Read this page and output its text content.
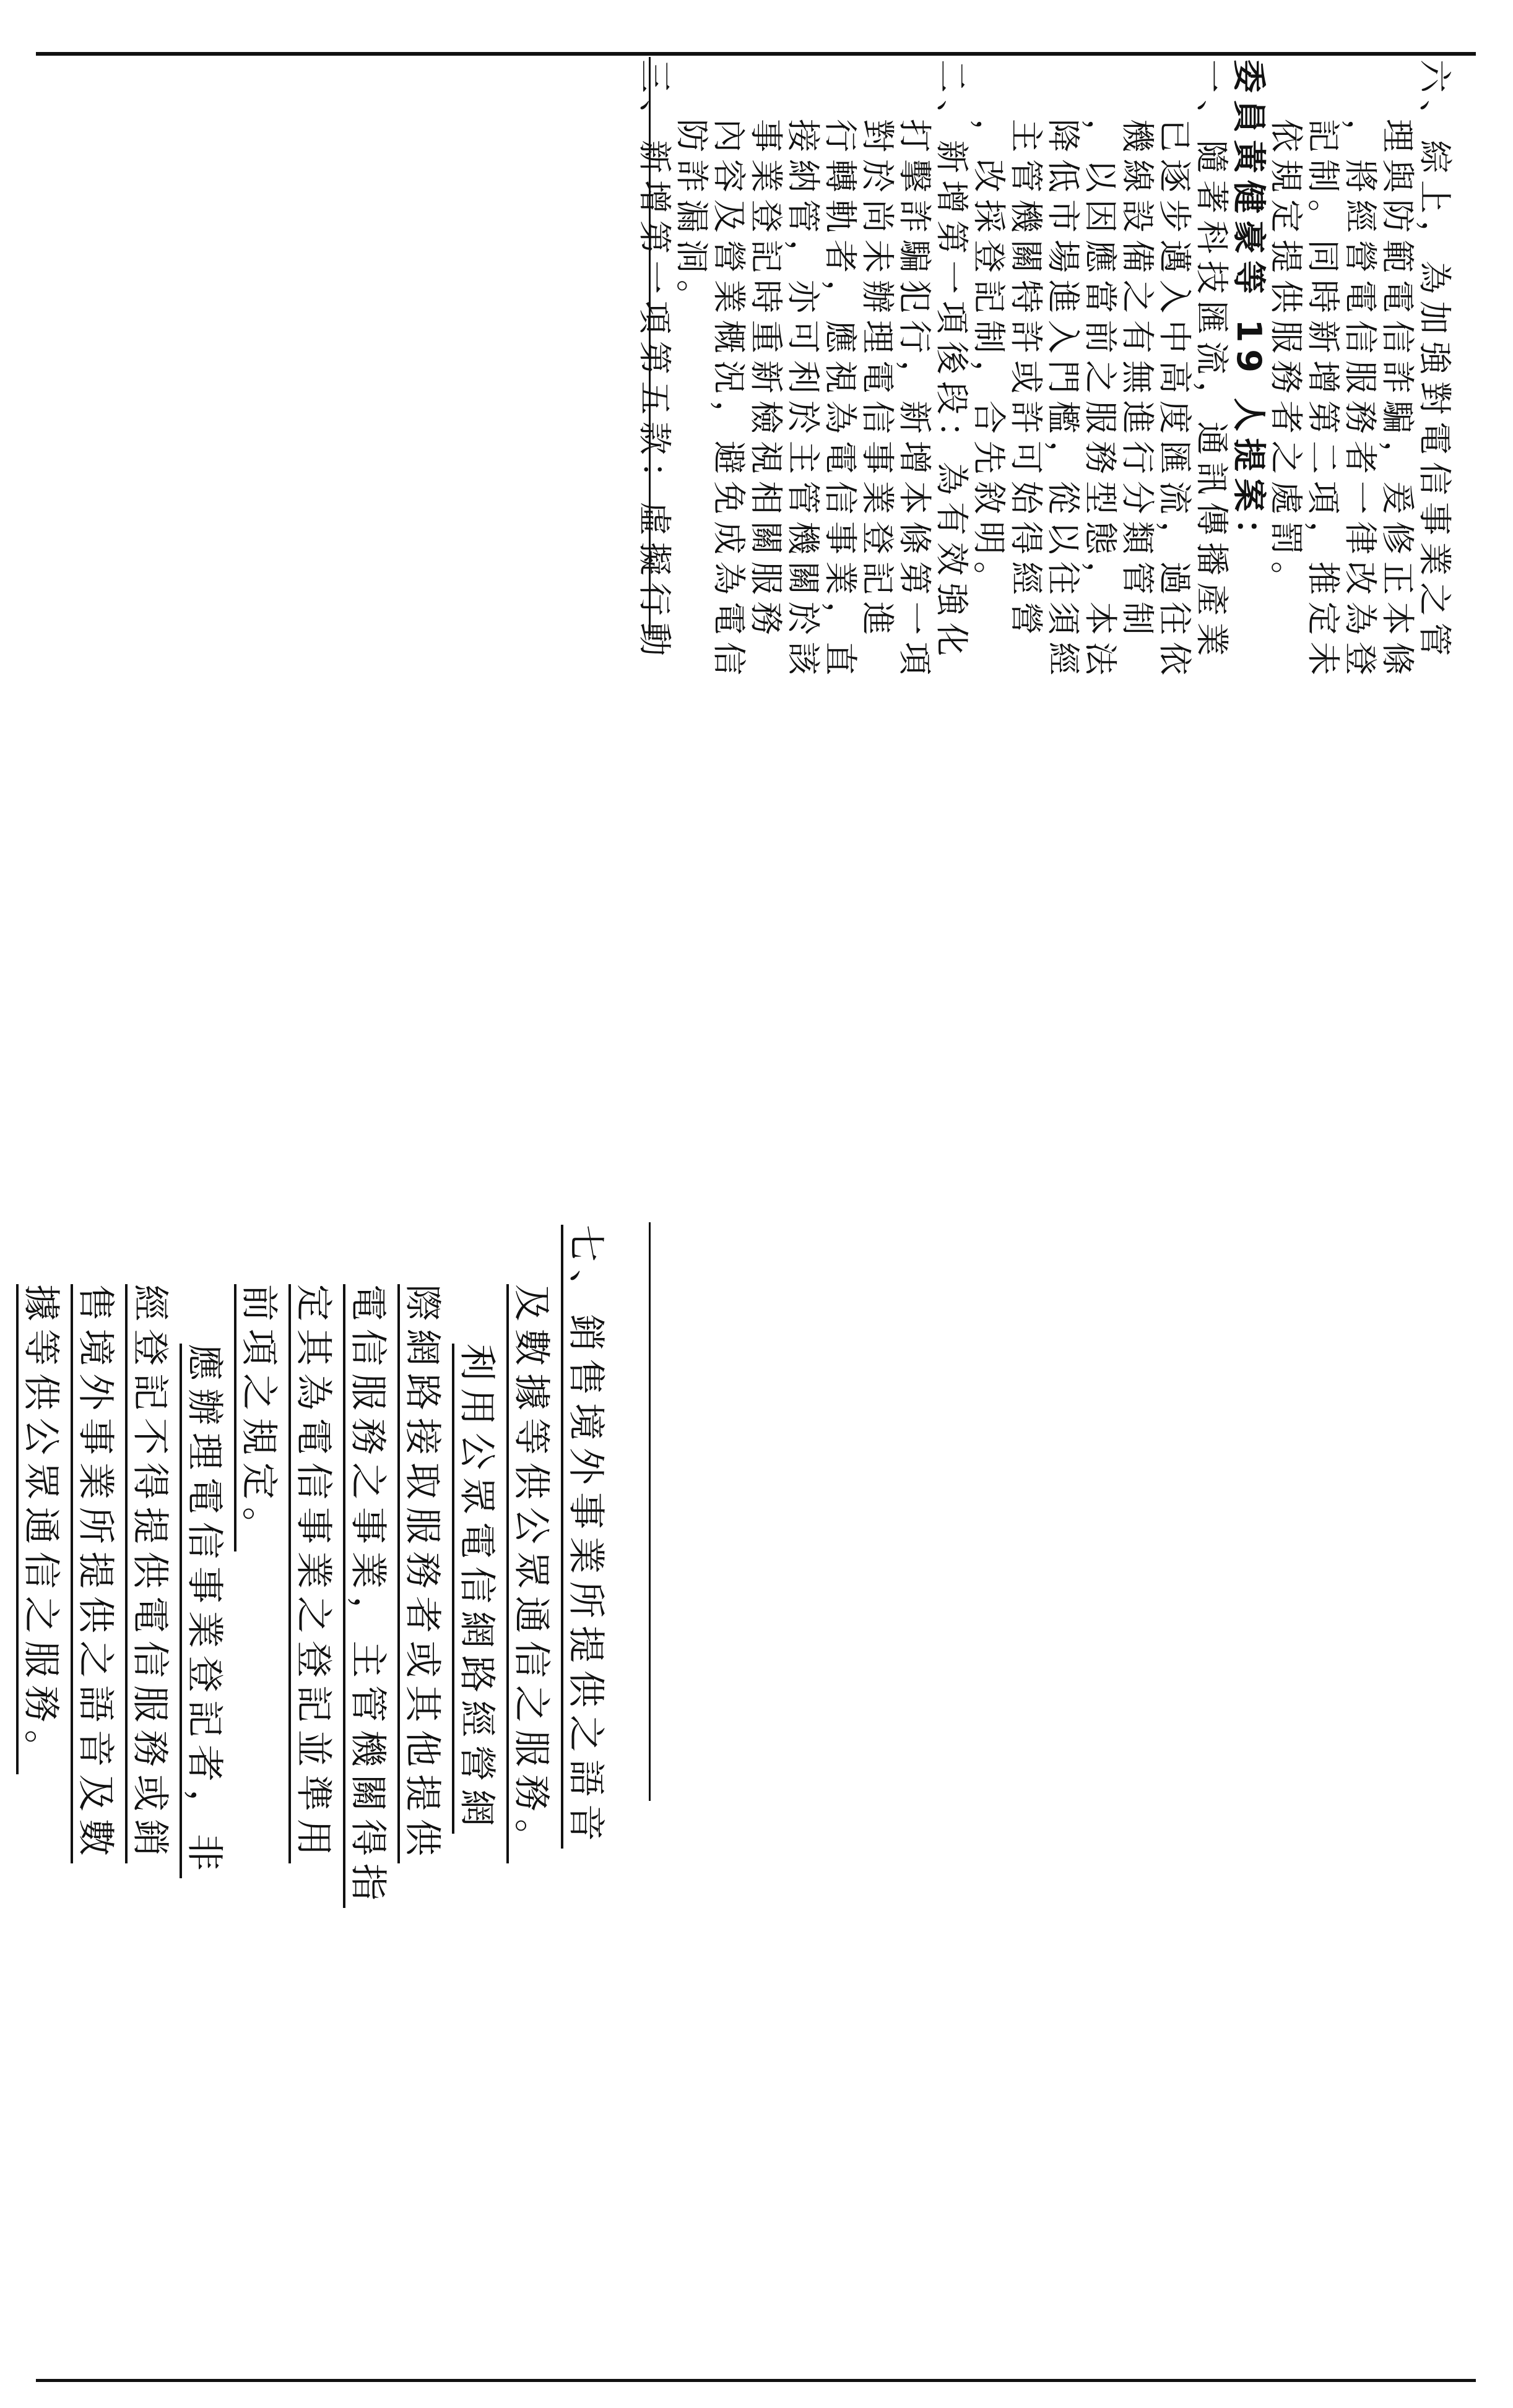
六、綜上，為加強對電信事業之管
理與防範電信詐騙，爰修正本條
，將經營電信服務者一律改為登
記制。同時新增第二項，推定未
依規定提供服務者之處罰。
委員黃健豪等 19 人提案：
一、隨著科技匯流，通訊傳播產業
已逐步邁入中高度匯流，過往依
機線設備之有無進行分類管制
，以因應當前之服務型態，本法
降低市場進入門檻，從以往須經
主管機關特許或許可始得經營
，改採登記制，合先敘明。
二、新增第一項後段：為有效強化
打擊詐騙犯行，新增本條第一項
對於尚未辦理電信事業登記進
行轉軌者，應視為電信事業，直
接納管，亦可利於主管機關於該
事業登記時重新檢視相關服務
內容及營業概況，避免成為電信
防詐漏洞。
三、新增第一項第五款：虛擬行動
七、銷售境外事業所提供之語音
及數據等供公眾通信之服務。
利用公眾電信網路經營網
際網路接取服務者或其他提供
電信服務之事業，主管機關得指
定其為電信事業之登記並準用
前項之規定。
應辦理電信事業登記者，非
經登記不得提供電信服務或銷
售境外事業所提供之語音及數
據等供公眾通信之服務。
